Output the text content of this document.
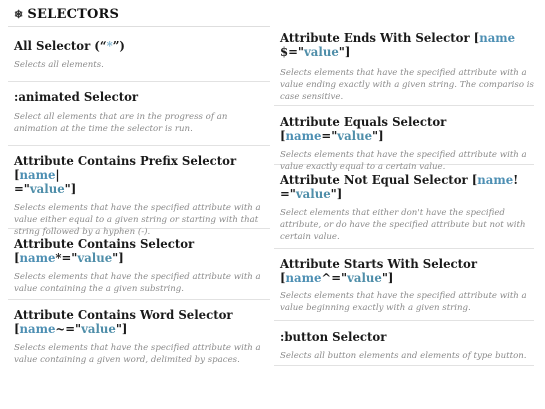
❄ SELECTORS
All Selector (“*”)
Selects all elements.
:animated Selector
Select all elements that are in the progress of an animation at the time the selector is run.
Attribute Contains Prefix Selector [name|
="value"]
Selects elements that have the specified attribute with a value either equal to a given string or starting with that string followed by a hyphen (-).
Attribute Contains Selector
[name*="value"]
Selects elements that have the specified attribute with a value containing the a given substring.
Attribute Contains Word Selector
[name~="value"]
Selects elements that have the specified attribute with a value containing a given word, delimited by spaces.
Attribute Ends With Selector [name
$="value"]
Selects elements that have the specified attribute with a value ending exactly with a given string. The compariso is case sensitive.
Attribute Equals Selector [name="value"]
Selects elements that have the specified attribute with a value exactly equal to a certain value.
Attribute Not Equal Selector [name!
="value"]
Select elements that either don't have the specified attribute, or do have the specified attribute but not with certain value.
Attribute Starts With Selector
[name^="value"]
Selects elements that have the specified attribute with a value beginning exactly with a given string.
:button Selector
Selects all button elements and elements of type button.
